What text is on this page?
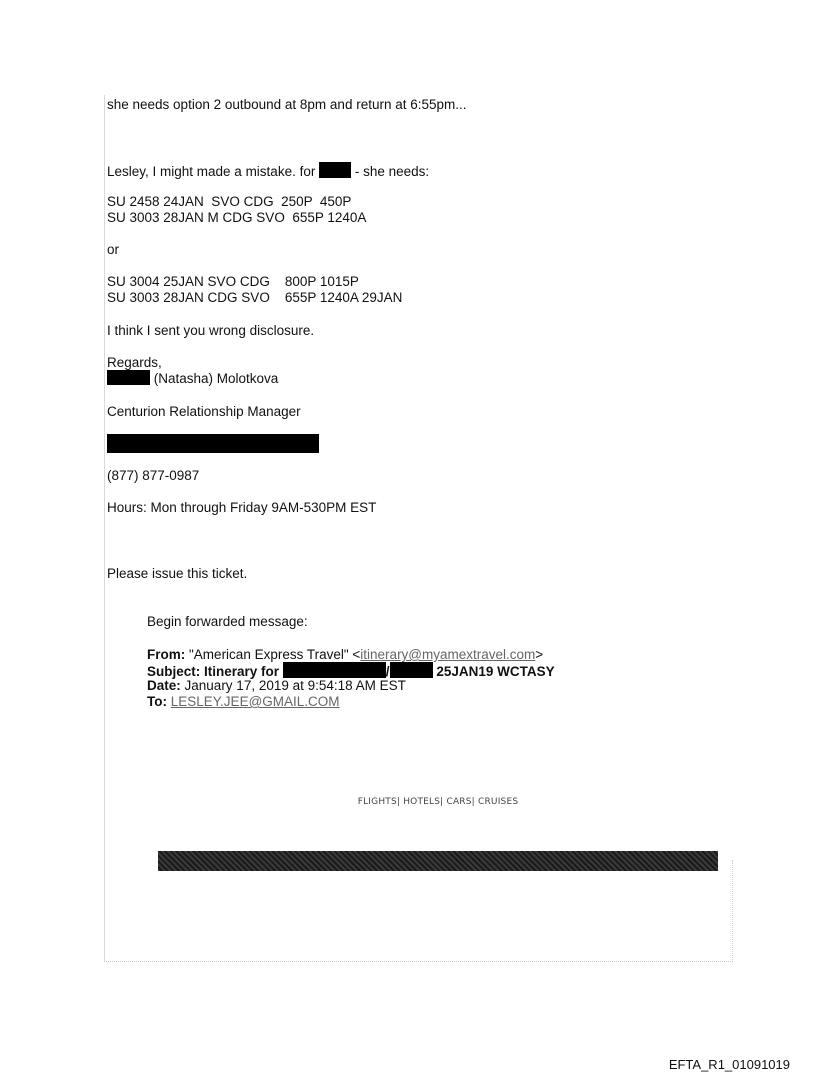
she needs option 2 outbound at 8pm and return at 6:55pm...
Lesley, I might made a mistake. for	- she needs:
SU 2458 24JAN  SVO CDG  250P  450P
SU 3003 28JAN M CDG SVO  655P 1240A
or
SU 3004 25JAN SVO CDG    800P 1015P
SU 3003 28JAN CDG SVO    655P 1240A 29JAN
I think I sent you wrong disclosure.
Regards,
(Natasha) Molotkova
Centurion Relationship Manager
(877) 877-0987
Hours: Mon through Friday 9AM-530PM EST
Please issue this ticket.
Begin forwarded message:
From: "American Express Travel" <itinerary@myamextravel.com>
Subject: Itinerary for	/	25JAN19 WCTASY
Date: January 17, 2019 at 9:54:18 AM EST
To: LESLEY.JEE@GMAIL.COM
FLIGHTS| HOTELS| CARS| CRUISES
EFTA_R1_01091019
